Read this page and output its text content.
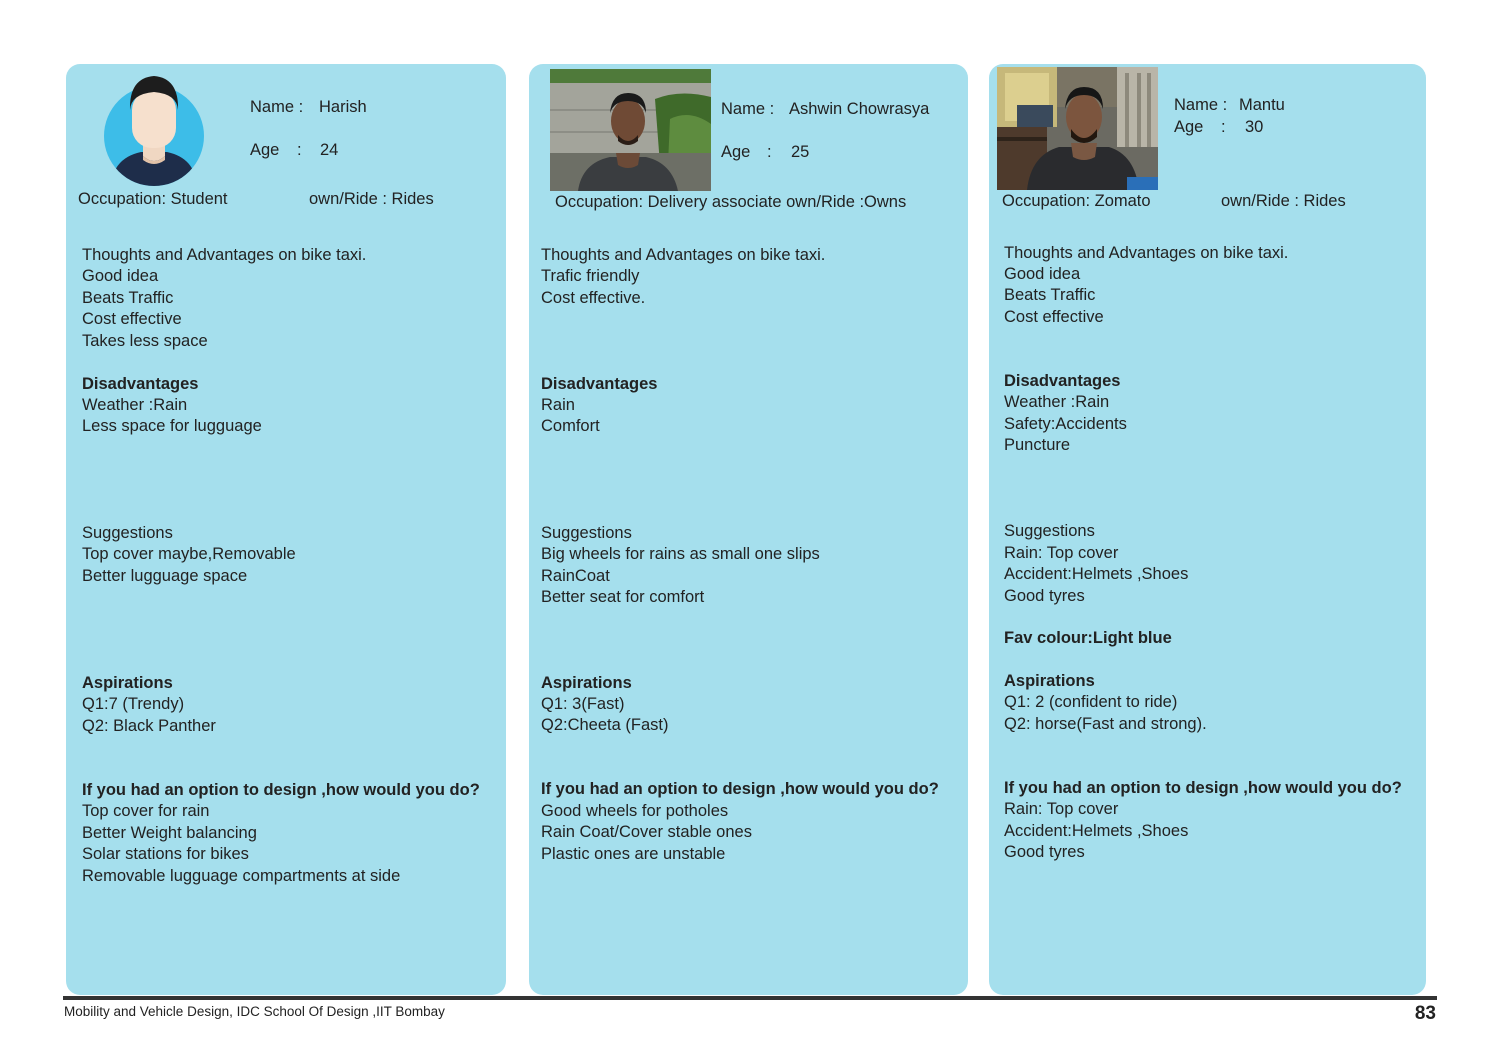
Name : Harish
Age : 24
Occupation: Student	own/Ride : Rides
Thoughts and Advantages on bike taxi.
Good idea
Beats Traffic
Cost effective
Takes less space
Disadvantages
Weather :Rain
Less space for lugguage
Suggestions
Top cover maybe,Removable
Better lugguage space
Aspirations
Q1:7 (Trendy)
Q2: Black Panther
If you had an option to design ,how would you do?
Top cover for rain
Better Weight balancing
Solar stations for bikes
Removable lugguage compartments at side
Name : Ashwin Chowrasya
Age : 25
Occupation: Delivery associate own/Ride :Owns
Thoughts and Advantages on bike taxi.
Trafic friendly
Cost effective.
Disadvantages
Rain
Comfort
Suggestions
Big wheels for rains as small one slips
RainCoat
Better seat for comfort
Aspirations
Q1: 3(Fast)
Q2:Cheeta (Fast)
If you had an option to design ,how would you do?
Good wheels for potholes
Rain Coat/Cover stable ones
Plastic ones are unstable
Name : Mantu
Age : 30
Occupation: Zomato	own/Ride : Rides
Thoughts and Advantages on bike taxi.
Good idea
Beats Traffic
Cost effective
Disadvantages
Weather :Rain
Safety:Accidents
Puncture
Suggestions
Rain: Top cover
Accident:Helmets ,Shoes
Good tyres
Fav colour:Light blue
Aspirations
Q1: 2 (confident to ride)
Q2: horse(Fast and strong).
If you had an option to design ,how would you do?
Rain: Top cover
Accident:Helmets ,Shoes
Good tyres
Mobility and Vehicle Design, IDC School Of Design ,IIT Bombay	83
